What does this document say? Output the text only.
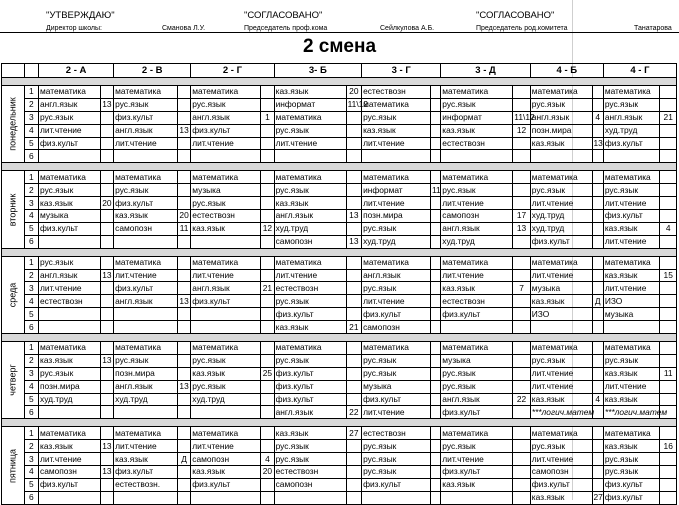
"УТВЕРЖДАЮ"
Директор школы:	Смановa Л.У.
"СОГЛАСОВАНО"
Председатель проф.кома	Сейлкулова А.Б.
"СОГЛАСОВАНО"
Председатель род.комитета	Танатарова
2 смена
		2 - А		2 - В		2 - Г		3- Б		3 - Г		3 - Д		4 - Б		4 - Г	

понедельник	1	математика		математика		математика		каз.язык	20	естествозн		математика		математика		математика	
	2	англ.язык	13	рус.язык		рус.язык		информат	11\12	математика		рус.язык		рус.язык		рус.язык	
	3	рус.язык		физ.культ		англ.язык	1	математика		рус.язык		информат	11\12	англ.язык	4	англ.язык	21
	4	лит.чтение		англ.язык	13	физ.культ		рус.язык		каз.язык		каз.язык	12	позн.мира		худ.труд	
	5	физ.культ		лит.чтение		лит.чтение		лит.чтение		лит.чтение		естествозн		каз.язык	13	физ.культ	
	6																

вторник	1	математика		математика		математика		математика		математика		математика		математика		математика	
	2	рус.язык		рус.язык		музыка		рус.язык		информат	11	рус.язык		рус.язык		рус.язык	
	3	каз.язык	20	физ.культ		рус.язык		каз.язык		лит.чтение		лит.чтение		лит.чтение		лит.чтение	
	4	музыка		каз.язык	20	естествозн		англ.язык	13	позн.мира		самопозн	17	худ.труд		физ.культ	
	5	физ.культ		самопозн	11	каз.язык	12	худ.труд		рус.язык		англ.язык	13	худ.труд		каз.язык	4
	6							самопозн	13	худ.труд		худ.труд		физ.культ		лит.чтение	

среда	1	рус.язык		математика		математика		математика		математика		математика		математика		математика	
	2	англ.язык	13	лит.чтение		лит.чтение		лит.чтение		англ.язык		лит.чтение		лит.чтение		каз.язык	15
	3	лит.чтение		физ.культ		англ.язык	21	естествозн		рус.язык		каз.язык	7	музыка		лит.чтение	
	4	естествозн		англ.язык	13	физ.культ		рус.язык		лит.чтение		естествозн		каз.язык	Д	ИЗО	
	5							физ.культ		физ.культ		физ.культ		ИЗО		музыка	
	6							каз.язык	21	самопозн							

четверг	1	математика		математика		математика		математика		математика		математика		математика		математика	
	2	каз.язык	13	рус.язык		рус.язык		рус.язык		рус.язык		музыка		рус.язык		рус.язык	
	3	рус.язык		позн.мира		каз.язык	25	физ.культ		рус.язык		рус.язык		лит.чтение		каз.язык	11
	4	позн.мира		англ.язык	13	рус.язык		физ.культ		музыка		рус.язык		лит.чтение		лит.чтение	
	5	худ.труд		худ.труд		худ.труд		физ.культ		физ.культ		англ.язык	22	каз.язык	4	каз.язык	
	6							англ.язык	22	лит.чтение		физ.культ		***логич.матем		***логич.матем	

пятница	1	математика		математика		математика		каз.язык	27	естествозн		математика		математика		математика	
	2	каз.язык	13	лит.чтение		лит.чтение		рус.язык		рус.язык		рус.язык		рус.язык		каз.язык	16
	3	лит.чтение		каз.язык	Д	самопозн	4	рус.язык		рус.язык		лит.чтение		лит.чтение		рус.язык	
	4	самопозн	13	физ.культ		каз.язык	20	естествозн		рус.язык		физ.культ		самопозн		рус.язык	
	5	физ.культ		естествозн.		физ.культ		самопозн		физ.культ		каз.язык		физ.культ		физ.культ	
	6													каз.язык	27	физ.культ	
